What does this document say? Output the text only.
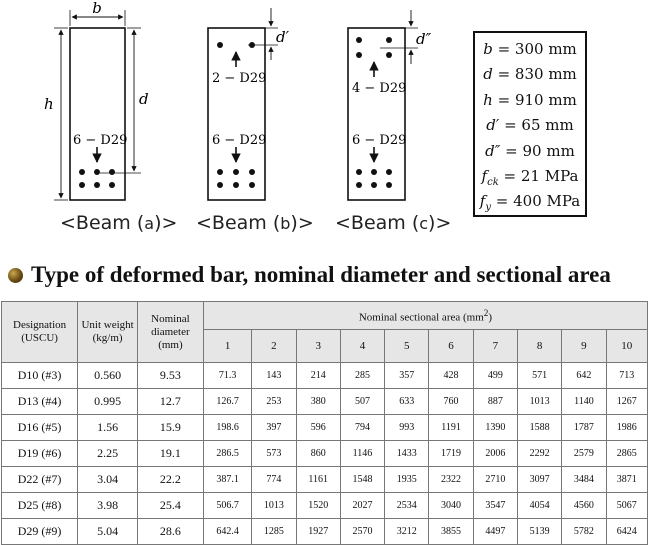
b
h	d
6 − D29
d′
2 − D29
6 − D29
d″
4 − D29
6 − D29
<Beam (a)> <Beam (b)> <Beam (c)>
b = 300 mm
d = 830 mm
h = 910 mm
d′ = 65 mm
d″ = 90 mm
$f_{ck} = 21$ MPa
$f_y = 400$ MPa
Type of deformed bar, nominal diameter and sectional area
Designation (USCU)	Unit weight (kg/m)	Nominal diameter (mm)	Nominal sectional area $(mm^2)$									
			1	2	3	4	5	6	7	8	9	10
D10 (#3)	0.560	9.53	71.3	143	214	285	357	428	499	571	642	713
D13 (#4)	0.995	12.7	126.7	253	380	507	633	760	887	1013	1140	1267
D16 (#5)	1.56	15.9	198.6	397	596	794	993	1191	1390	1588	1787	1986
D19 (#6)	2.25	19.1	286.5	573	860	1146	1433	1719	2006	2292	2579	2865
D22 (#7)	3.04	22.2	387.1	774	1161	1548	1935	2322	2710	3097	3484	3871
D25 (#8)	3.98	25.4	506.7	1013	1520	2027	2534	3040	3547	4054	4560	5067
D29 (#9)	5.04	28.6	642.4	1285	1927	2570	3212	3855	4497	5139	5782	6424
